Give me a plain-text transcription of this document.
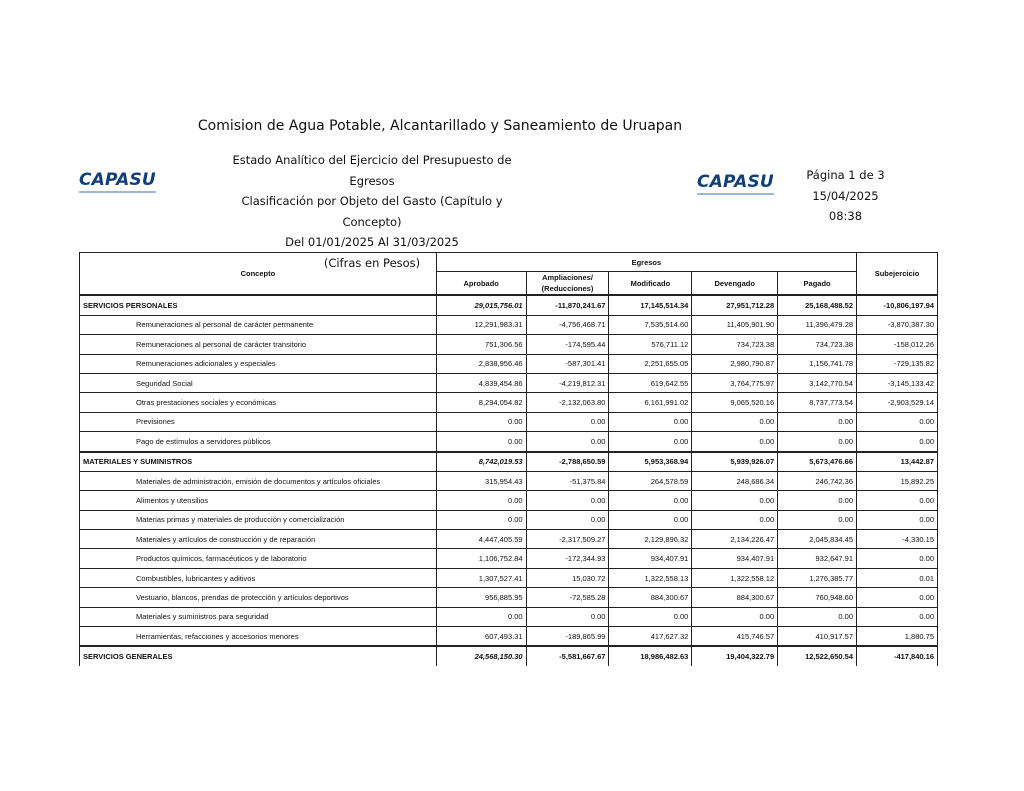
Comision de Agua Potable, Alcantarillado y Saneamiento de Uruapan
CAPASU
Estado Analítico del Ejercicio del Presupuesto de Egresos
Clasificación por Objeto del Gasto (Capítulo y Concepto)
Del 01/01/2025 Al 31/03/2025
(Cifras en Pesos)
CAPASU	Página 1 de 3
15/04/2025
08:38
Concepto	Egresos					Subejercicio
	Aprobado	Ampliaciones/ (Reducciones)	Modificado	Devengado	Pagado	
SERVICIOS PERSONALES	29,015,756.01	-11,870,241.67	17,145,514.34	27,951,712.28	25,168,488.52	-10,806,197.94
Remuneraciones al personal de carácter permanente	12,291,983.31	-4,756,468.71	7,535,514.60	11,405,901.90	11,396,479.28	-3,870,387.30
Remuneraciones al personal de carácter transitorio	751,306.56	-174,595.44	576,711.12	734,723.38	734,723.38	-158,012.26
Remuneraciones adicionales y especiales	2,838,956.46	-587,301.41	2,251,655.05	2,980,790.87	1,156,741.78	-729,135.82
Seguridad Social	4,839,454.86	-4,219,812.31	619,642.55	3,764,775.97	3,142,770.54	-3,145,133.42
Otras prestaciones sociales y económicas	8,294,054.82	-2,132,063.80	6,161,991.02	9,065,520.16	8,737,773.54	-2,903,529.14
Previsiones	0.00	0.00	0.00	0.00	0.00	0.00
Pago de estímulos a servidores públicos	0.00	0.00	0.00	0.00	0.00	0.00
MATERIALES Y SUMINISTROS	8,742,019.53	-2,788,650.59	5,953,368.94	5,939,926.07	5,673,476.66	13,442.87
Materiales de administración, emisión de documentos y artículos oficiales	315,954.43	-51,375.84	264,578.59	248,686.34	246,742.36	15,892.25
Alimentos y utensilios	0.00	0.00	0.00	0.00	0.00	0.00
Materias primas y materiales de producción y comercialización	0.00	0.00	0.00	0.00	0.00	0.00
Materiales y artículos de construcción y de reparación	4,447,405.59	-2,317,509.27	2,129,896.32	2,134,226.47	2,045,834.45	-4,330.15
Productos químicos, farmacéuticos y de laboratorio	1,106,752.84	-172,344.93	934,407.91	934,407.91	932,647.91	0.00
Combustibles, lubricantes y aditivos	1,307,527.41	15,030.72	1,322,558.13	1,322,558.12	1,276,385.77	0.01
Vestuario, blancos, prendas de protección y artículos deportivos	956,885.95	-72,585.28	884,300.67	884,300.67	760,948.60	0.00
Materiales y suministros para seguridad	0.00	0.00	0.00	0.00	0.00	0.00
Herramientas, refacciones y accesorios menores	607,493.31	-189,865.99	417,627.32	415,746.57	410,917.57	1,880.75
SERVICIOS GENERALES	24,568,150.30	-5,581,667.67	18,986,482.63	19,404,322.79	12,522,650.54	-417,840.16
